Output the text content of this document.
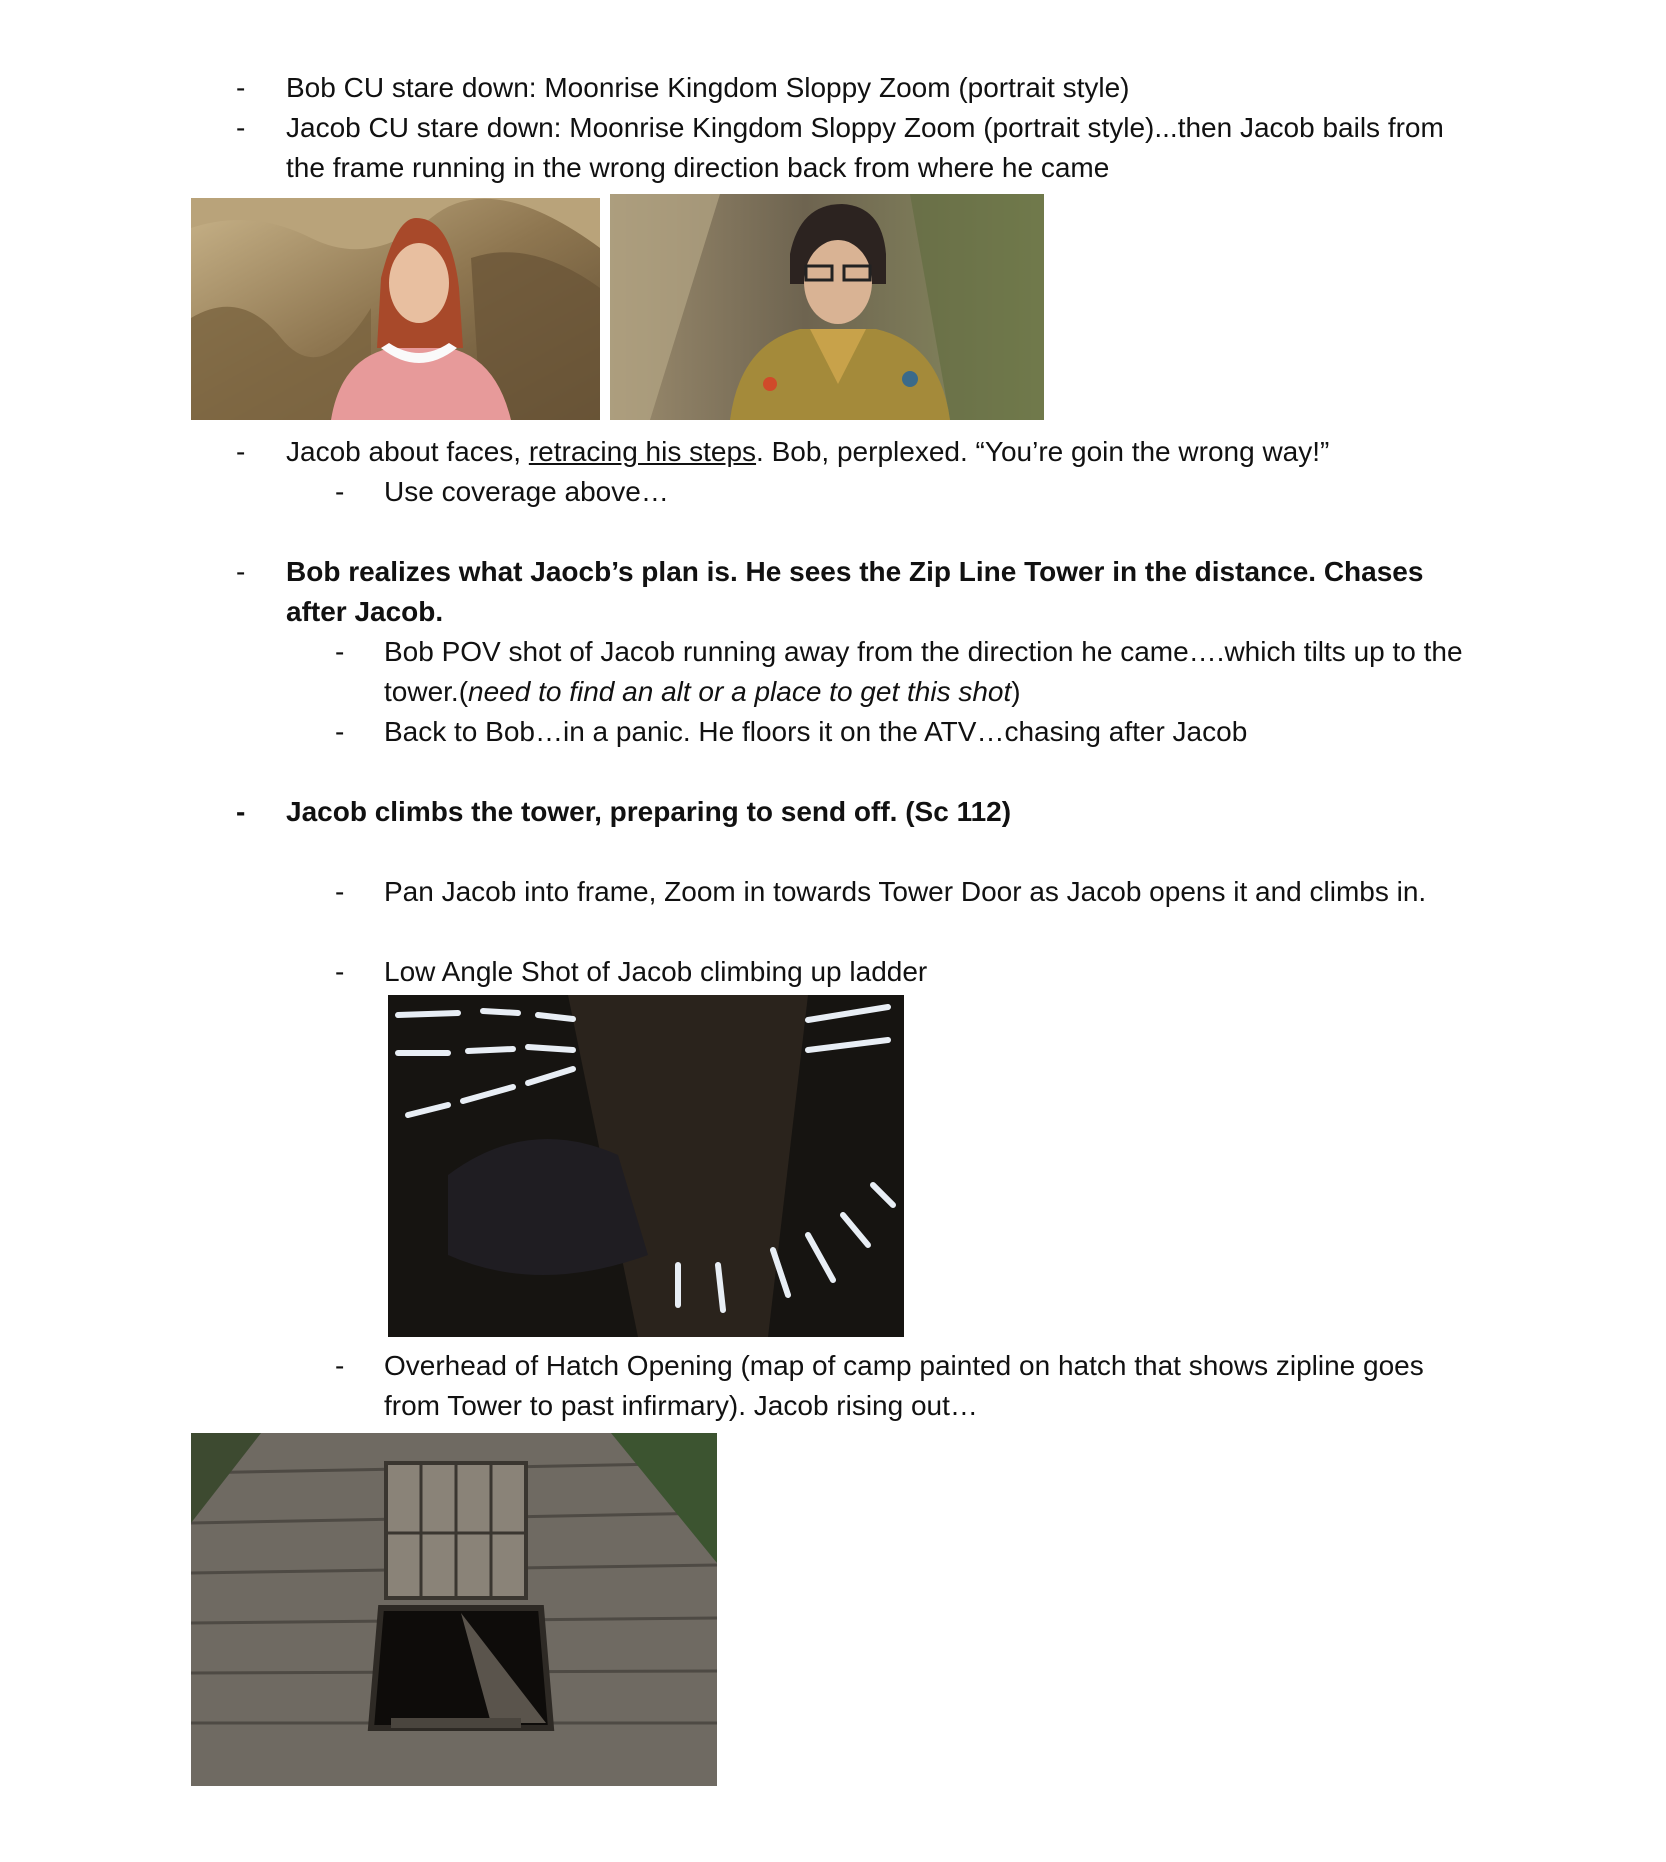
- Bob CU stare down: Moonrise Kingdom Sloppy Zoom (portrait style)
- Jacob CU stare down: Moonrise Kingdom Sloppy Zoom (portrait style)...then Jacob bails from the frame running in the wrong direction back from where he came
- Jacob about faces, retracing his steps. Bob, perplexed. “You’re goin the wrong way!”
- Use coverage above…
- Bob realizes what Jaocb’s plan is. He sees the Zip Line Tower in the distance. Chases after Jacob.
- Bob POV shot of Jacob running away from the direction he came….which tilts up to the tower.(need to find an alt or a place to get this shot)
- Back to Bob…in a panic. He floors it on the ATV…chasing after Jacob
- Jacob climbs the tower, preparing to send off. (Sc 112)
- Pan Jacob into frame, Zoom in towards Tower Door as Jacob opens it and climbs in.
- Low Angle Shot of Jacob climbing up ladder
- Overhead of Hatch Opening (map of camp painted on hatch that shows zipline goes from Tower to past infirmary). Jacob rising out…
